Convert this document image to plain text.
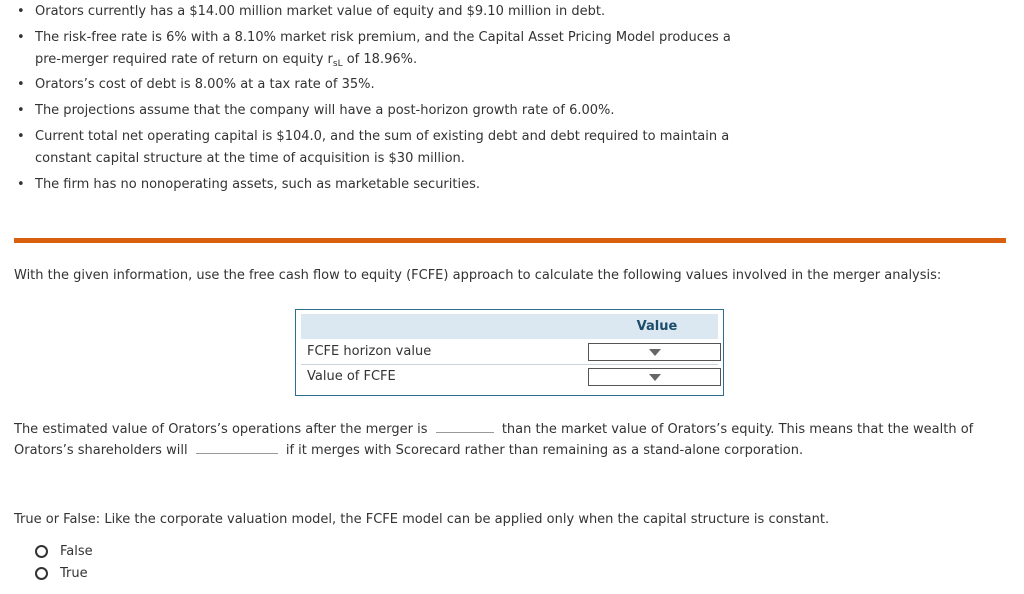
• Orators currently has a $14.00 million market value of equity and $9.10 million in debt.
• The risk-free rate is 6% with a 8.10% market risk premium, and the Capital Asset Pricing Model produces a
pre-merger required rate of return on equity $r_{sL}$ of 18.96%.
• Orators’s cost of debt is 8.00% at a tax rate of 35%.
• The projections assume that the company will have a post-horizon growth rate of 6.00%.
• Current total net operating capital is $104.0, and the sum of existing debt and debt required to maintain a
constant capital structure at the time of acquisition is $30 million.
• The firm has no nonoperating assets, such as marketable securities.
With the given information, use the free cash flow to equity (FCFE) approach to calculate the following values involved in the merger analysis:
Value
FCFE horizon value
Value of FCFE
The estimated value of Orators’s operations after the merger is	than the market value of Orators’s equity. This means that the wealth of
Orators’s shareholders will	if it merges with Scorecard rather than remaining as a stand-alone corporation.
True or False: Like the corporate valuation model, the FCFE model can be applied only when the capital structure is constant.
False
True
